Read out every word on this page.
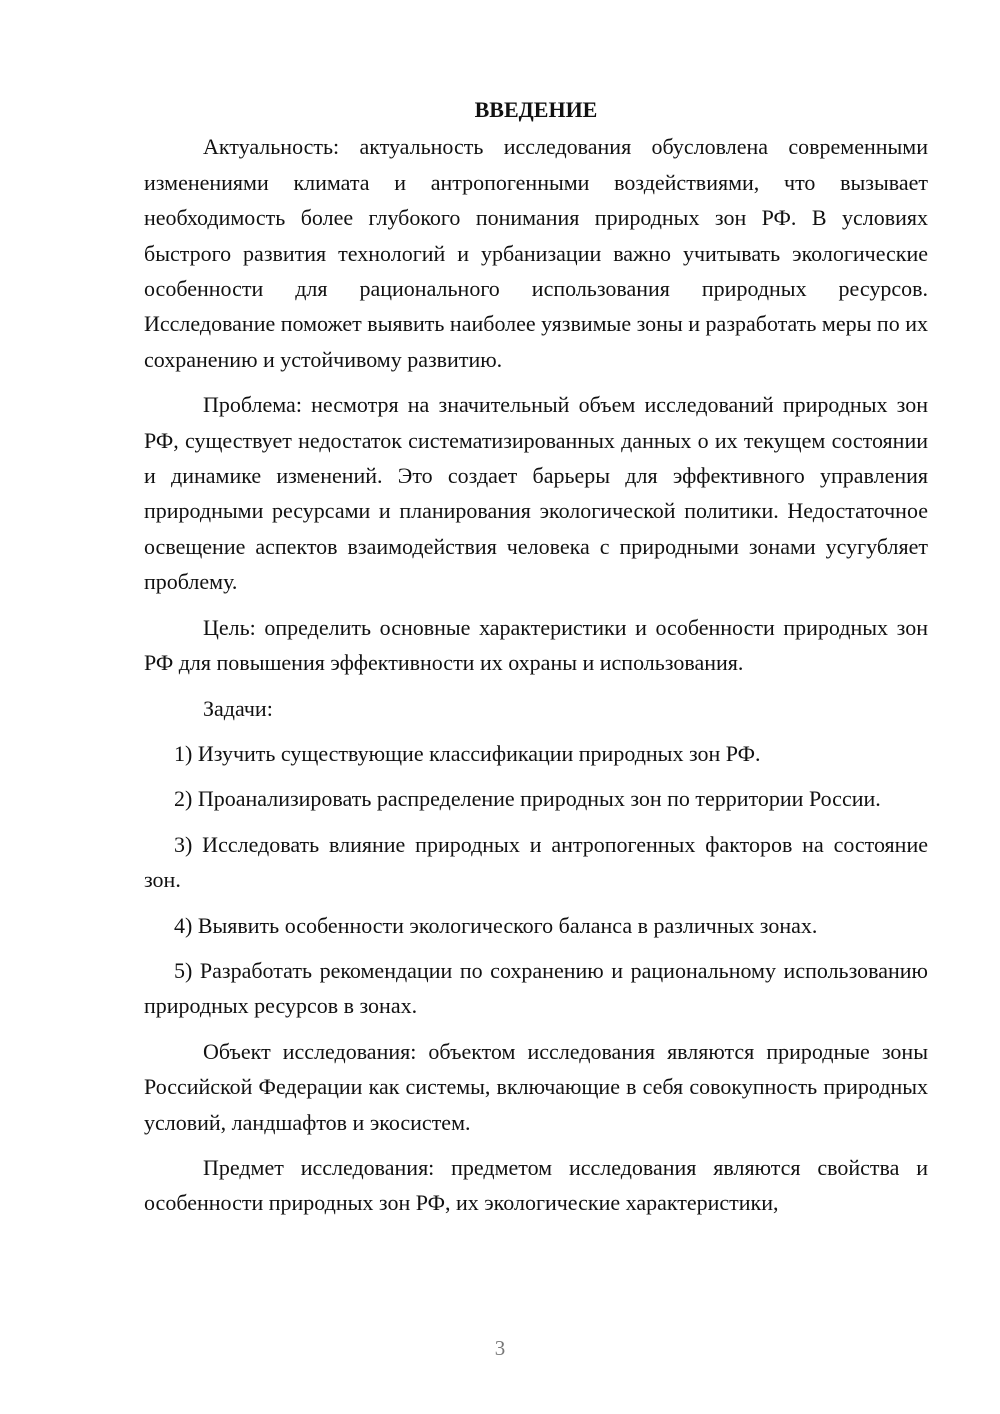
ВВЕДЕНИЕ

Актуальность: актуальность исследования обусловлена современными изменениями климата и антропогенными воздействиями, что вызывает необходимость более глубокого понимания природных зон РФ. В условиях быстрого развития технологий и урбанизации важно учитывать экологические особенности для рационального использования природных ресурсов. Исследование поможет выявить наиболее уязвимые зоны и разработать меры по их сохранению и устойчивому развитию.

Проблема: несмотря на значительный объем исследований природных зон РФ, существует недостаток систематизированных данных о их текущем состоянии и динамике изменений. Это создает барьеры для эффективного управления природными ресурсами и планирования экологической политики. Недостаточное освещение аспектов взаимодействия человека с природными зонами усугубляет проблему.

Цель: определить основные характеристики и особенности природных зон РФ для повышения эффективности их охраны и использования.

Задачи:

1) Изучить существующие классификации природных зон РФ.

2) Проанализировать распределение природных зон по территории России.

3) Исследовать влияние природных и антропогенных факторов на состояние зон.

4) Выявить особенности экологического баланса в различных зонах.

5) Разработать рекомендации по сохранению и рациональному использованию природных ресурсов в зонах.

Объект исследования: объектом исследования являются природные зоны Российской Федерации как системы, включающие в себя совокупность природных условий, ландшафтов и экосистем.

Предмет исследования: предметом исследования являются свойства и особенности природных зон РФ, их экологические характеристики,

3
